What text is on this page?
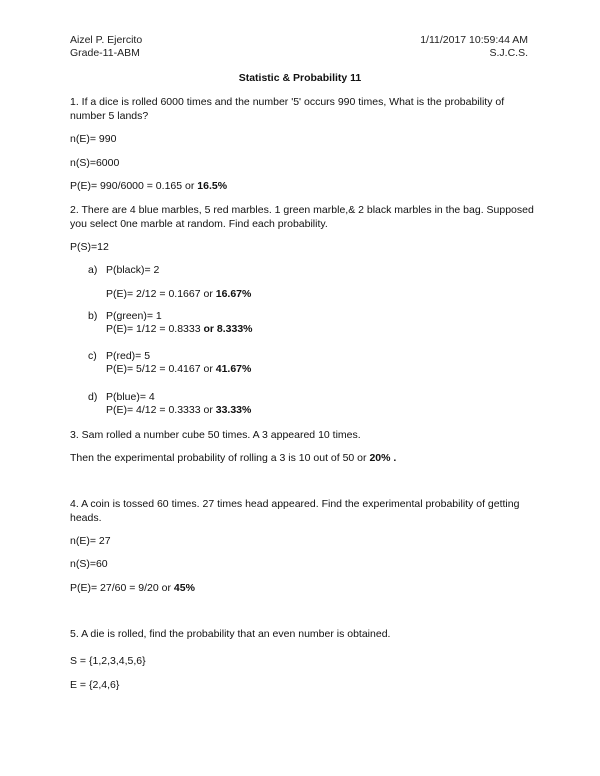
Aizel P. Ejercito
Grade-11-ABM
1/11/2017 10:59:44 AM
S.J.C.S.
Statistic & Probability 11
1. If a dice is rolled 6000 times and the number '5' occurs 990 times, What is the probability of
number 5 lands?
n(E)= 990
n(S)=6000
P(E)= 990/6000 = 0.165 or 16.5%
2. There are 4 blue marbles, 5 red marbles. 1 green marble,& 2 black marbles in the bag. Supposed
you select 0ne marble at random. Find each probability.
P(S)=12
a) P(black)= 2
P(E)= 2/12 = 0.1667 or 16.67%
b) P(green)= 1
P(E)= 1/12 = 0.8333 or 8.333%
c) P(red)= 5
P(E)= 5/12 = 0.4167 or 41.67%
d) P(blue)= 4
P(E)= 4/12 = 0.3333 or 33.33%
3. Sam rolled a number cube 50 times. A 3 appeared 10 times.
Then the experimental probability of rolling a 3 is 10 out of 50 or 20% .
4. A coin is tossed 60 times. 27 times head appeared. Find the experimental probability of getting
heads.
n(E)= 27
n(S)=60
P(E)= 27/60 = 9/20 or 45%
5. A die is rolled, find the probability that an even number is obtained.
S = {1,2,3,4,5,6}
E = {2,4,6}
